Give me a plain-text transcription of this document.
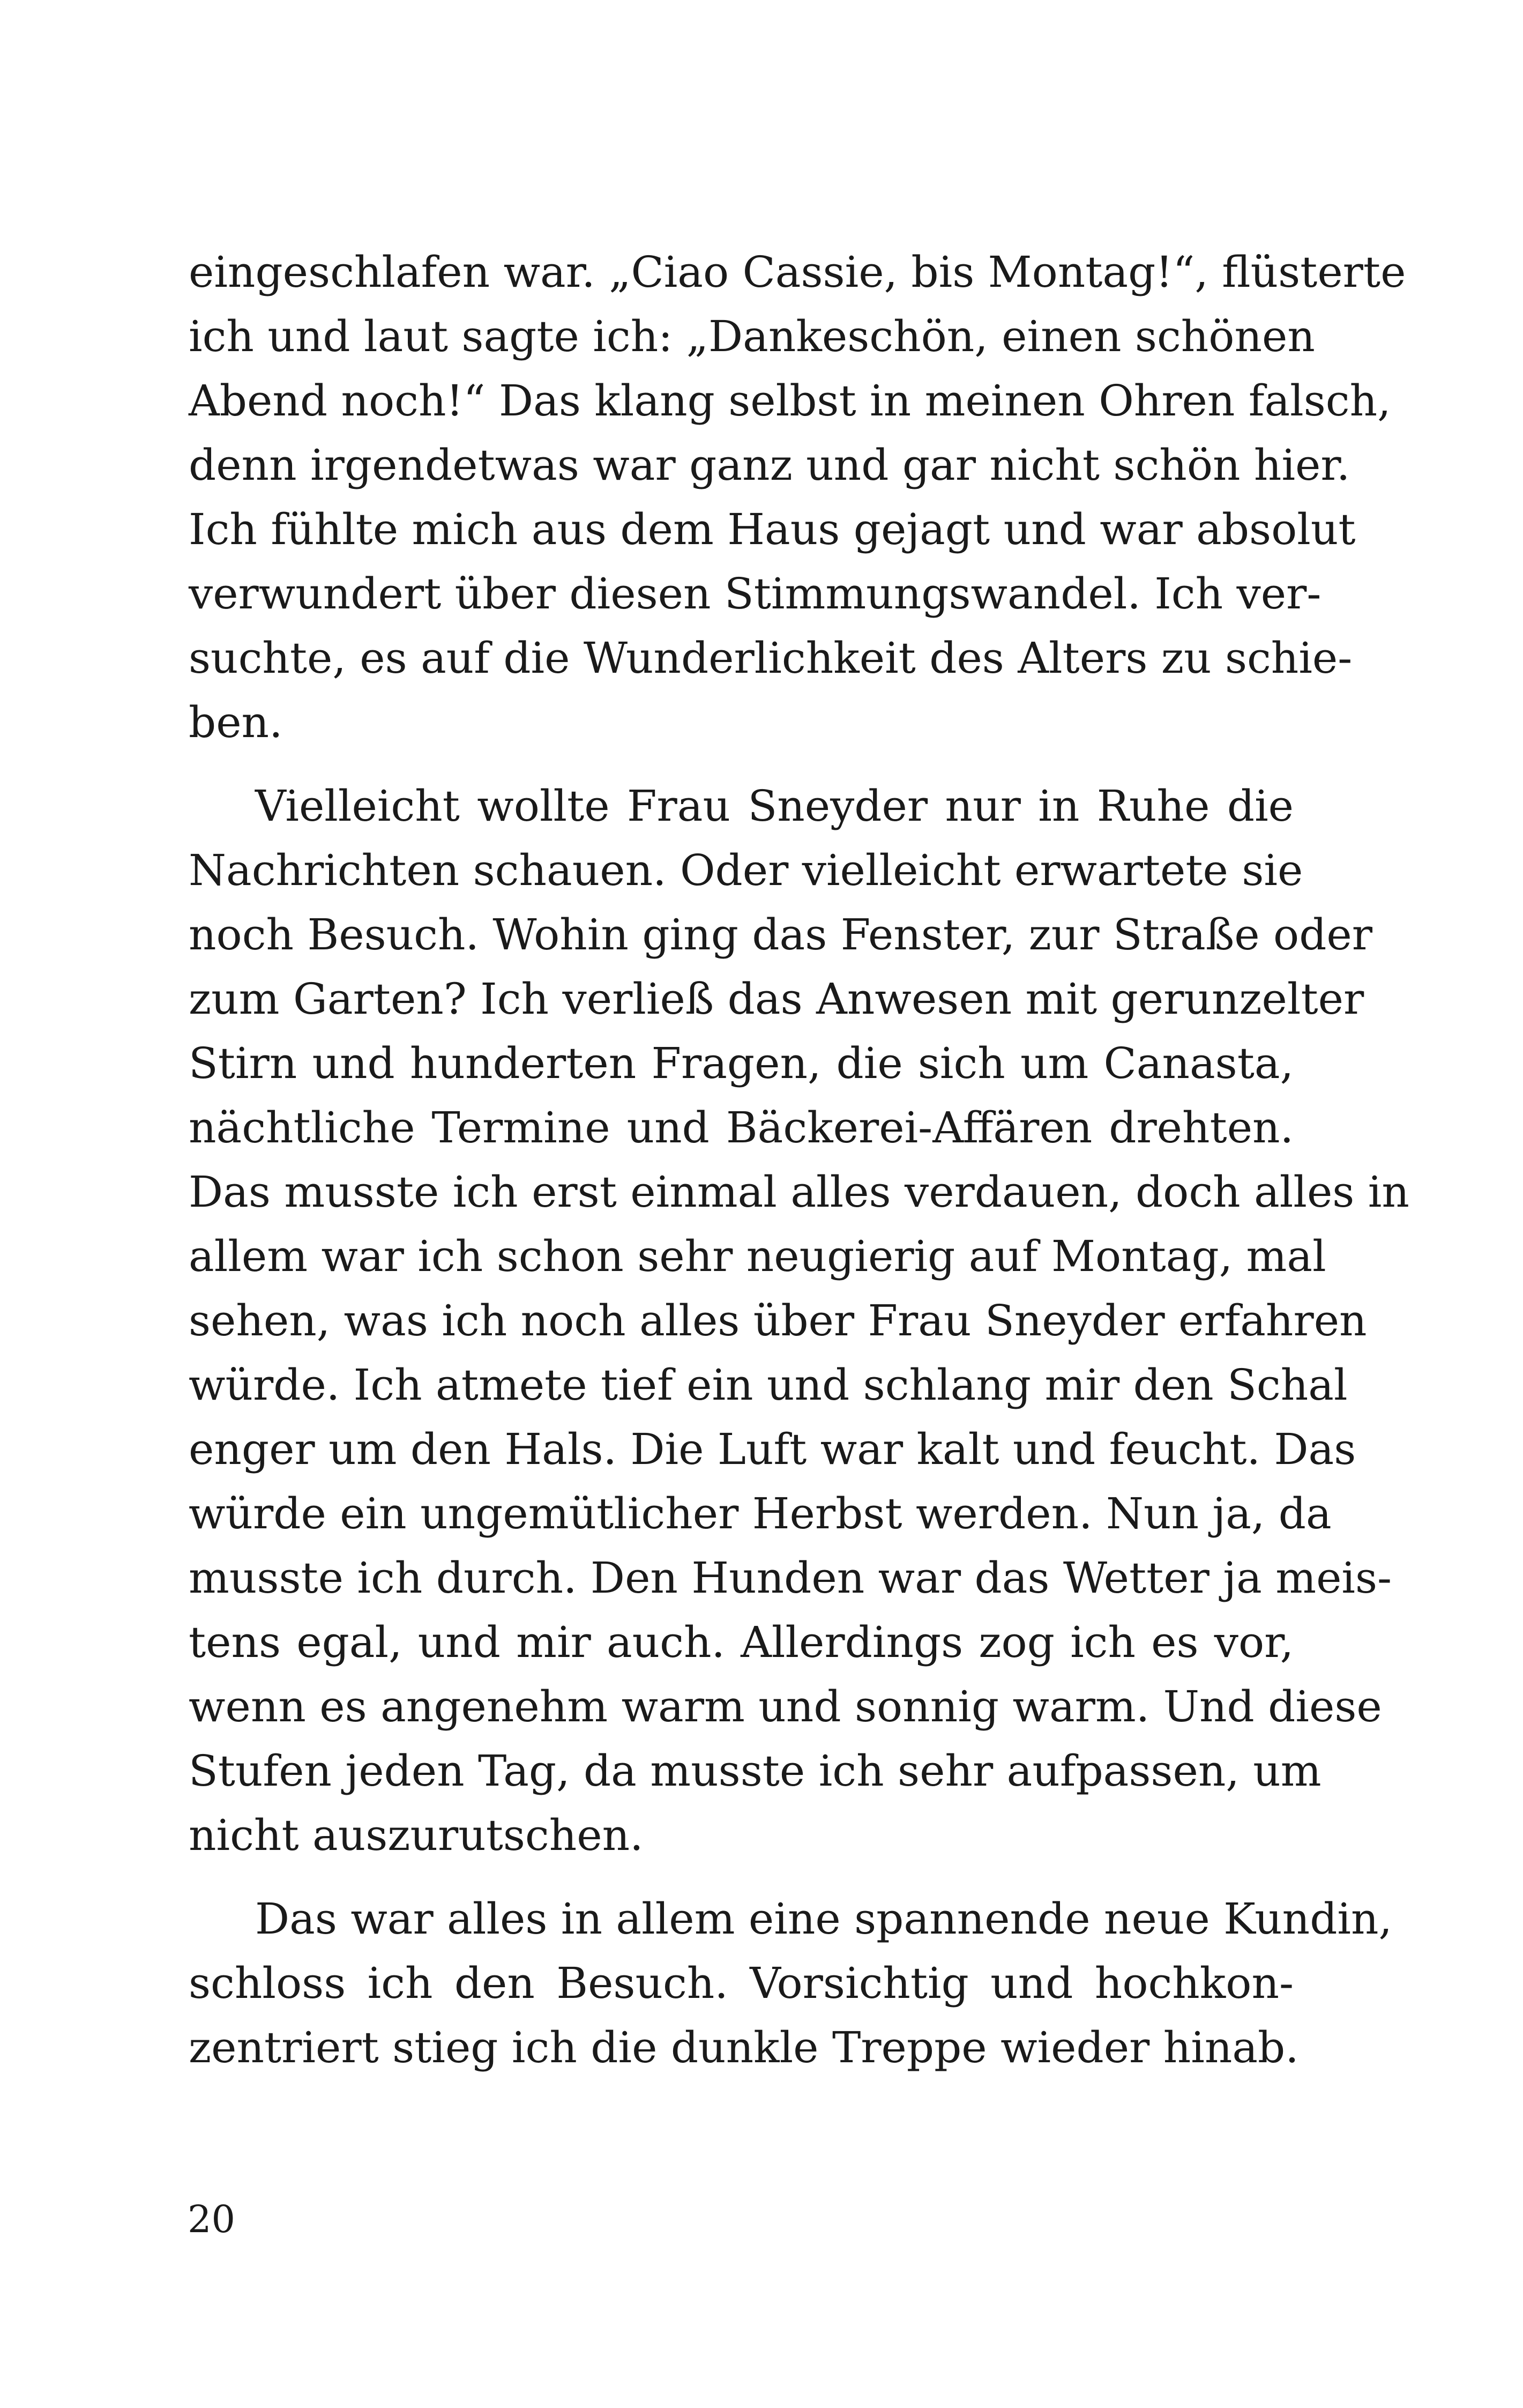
eingeschlafen war. „Ciao Cassie, bis Montag!“, flüsterte
ich und laut sagte ich: „Dankeschön, einen schönen
Abend noch!“ Das klang selbst in meinen Ohren falsch,
denn irgendetwas war ganz und gar nicht schön hier.
Ich fühlte mich aus dem Haus gejagt und war absolut
verwundert über diesen Stimmungswandel. Ich ver-
suchte, es auf die Wunderlichkeit des Alters zu schie-
ben.
Vielleicht wollte Frau Sneyder nur in Ruhe die
Nachrichten schauen. Oder vielleicht erwartete sie
noch Besuch. Wohin ging das Fenster, zur Straße oder
zum Garten? Ich verließ das Anwesen mit gerunzelter
Stirn und hunderten Fragen, die sich um Canasta,
nächtliche Termine und Bäckerei-Affären drehten.
Das musste ich erst einmal alles verdauen, doch alles in
allem war ich schon sehr neugierig auf Montag, mal
sehen, was ich noch alles über Frau Sneyder erfahren
würde. Ich atmete tief ein und schlang mir den Schal
enger um den Hals. Die Luft war kalt und feucht. Das
würde ein ungemütlicher Herbst werden. Nun ja, da
musste ich durch. Den Hunden war das Wetter ja meis-
tens egal, und mir auch. Allerdings zog ich es vor,
wenn es angenehm warm und sonnig warm. Und diese
Stufen jeden Tag, da musste ich sehr aufpassen, um
nicht auszurutschen.
Das war alles in allem eine spannende neue Kundin,
schloss ich den Besuch. Vorsichtig und hochkon-
zentriert stieg ich die dunkle Treppe wieder hinab.
20
